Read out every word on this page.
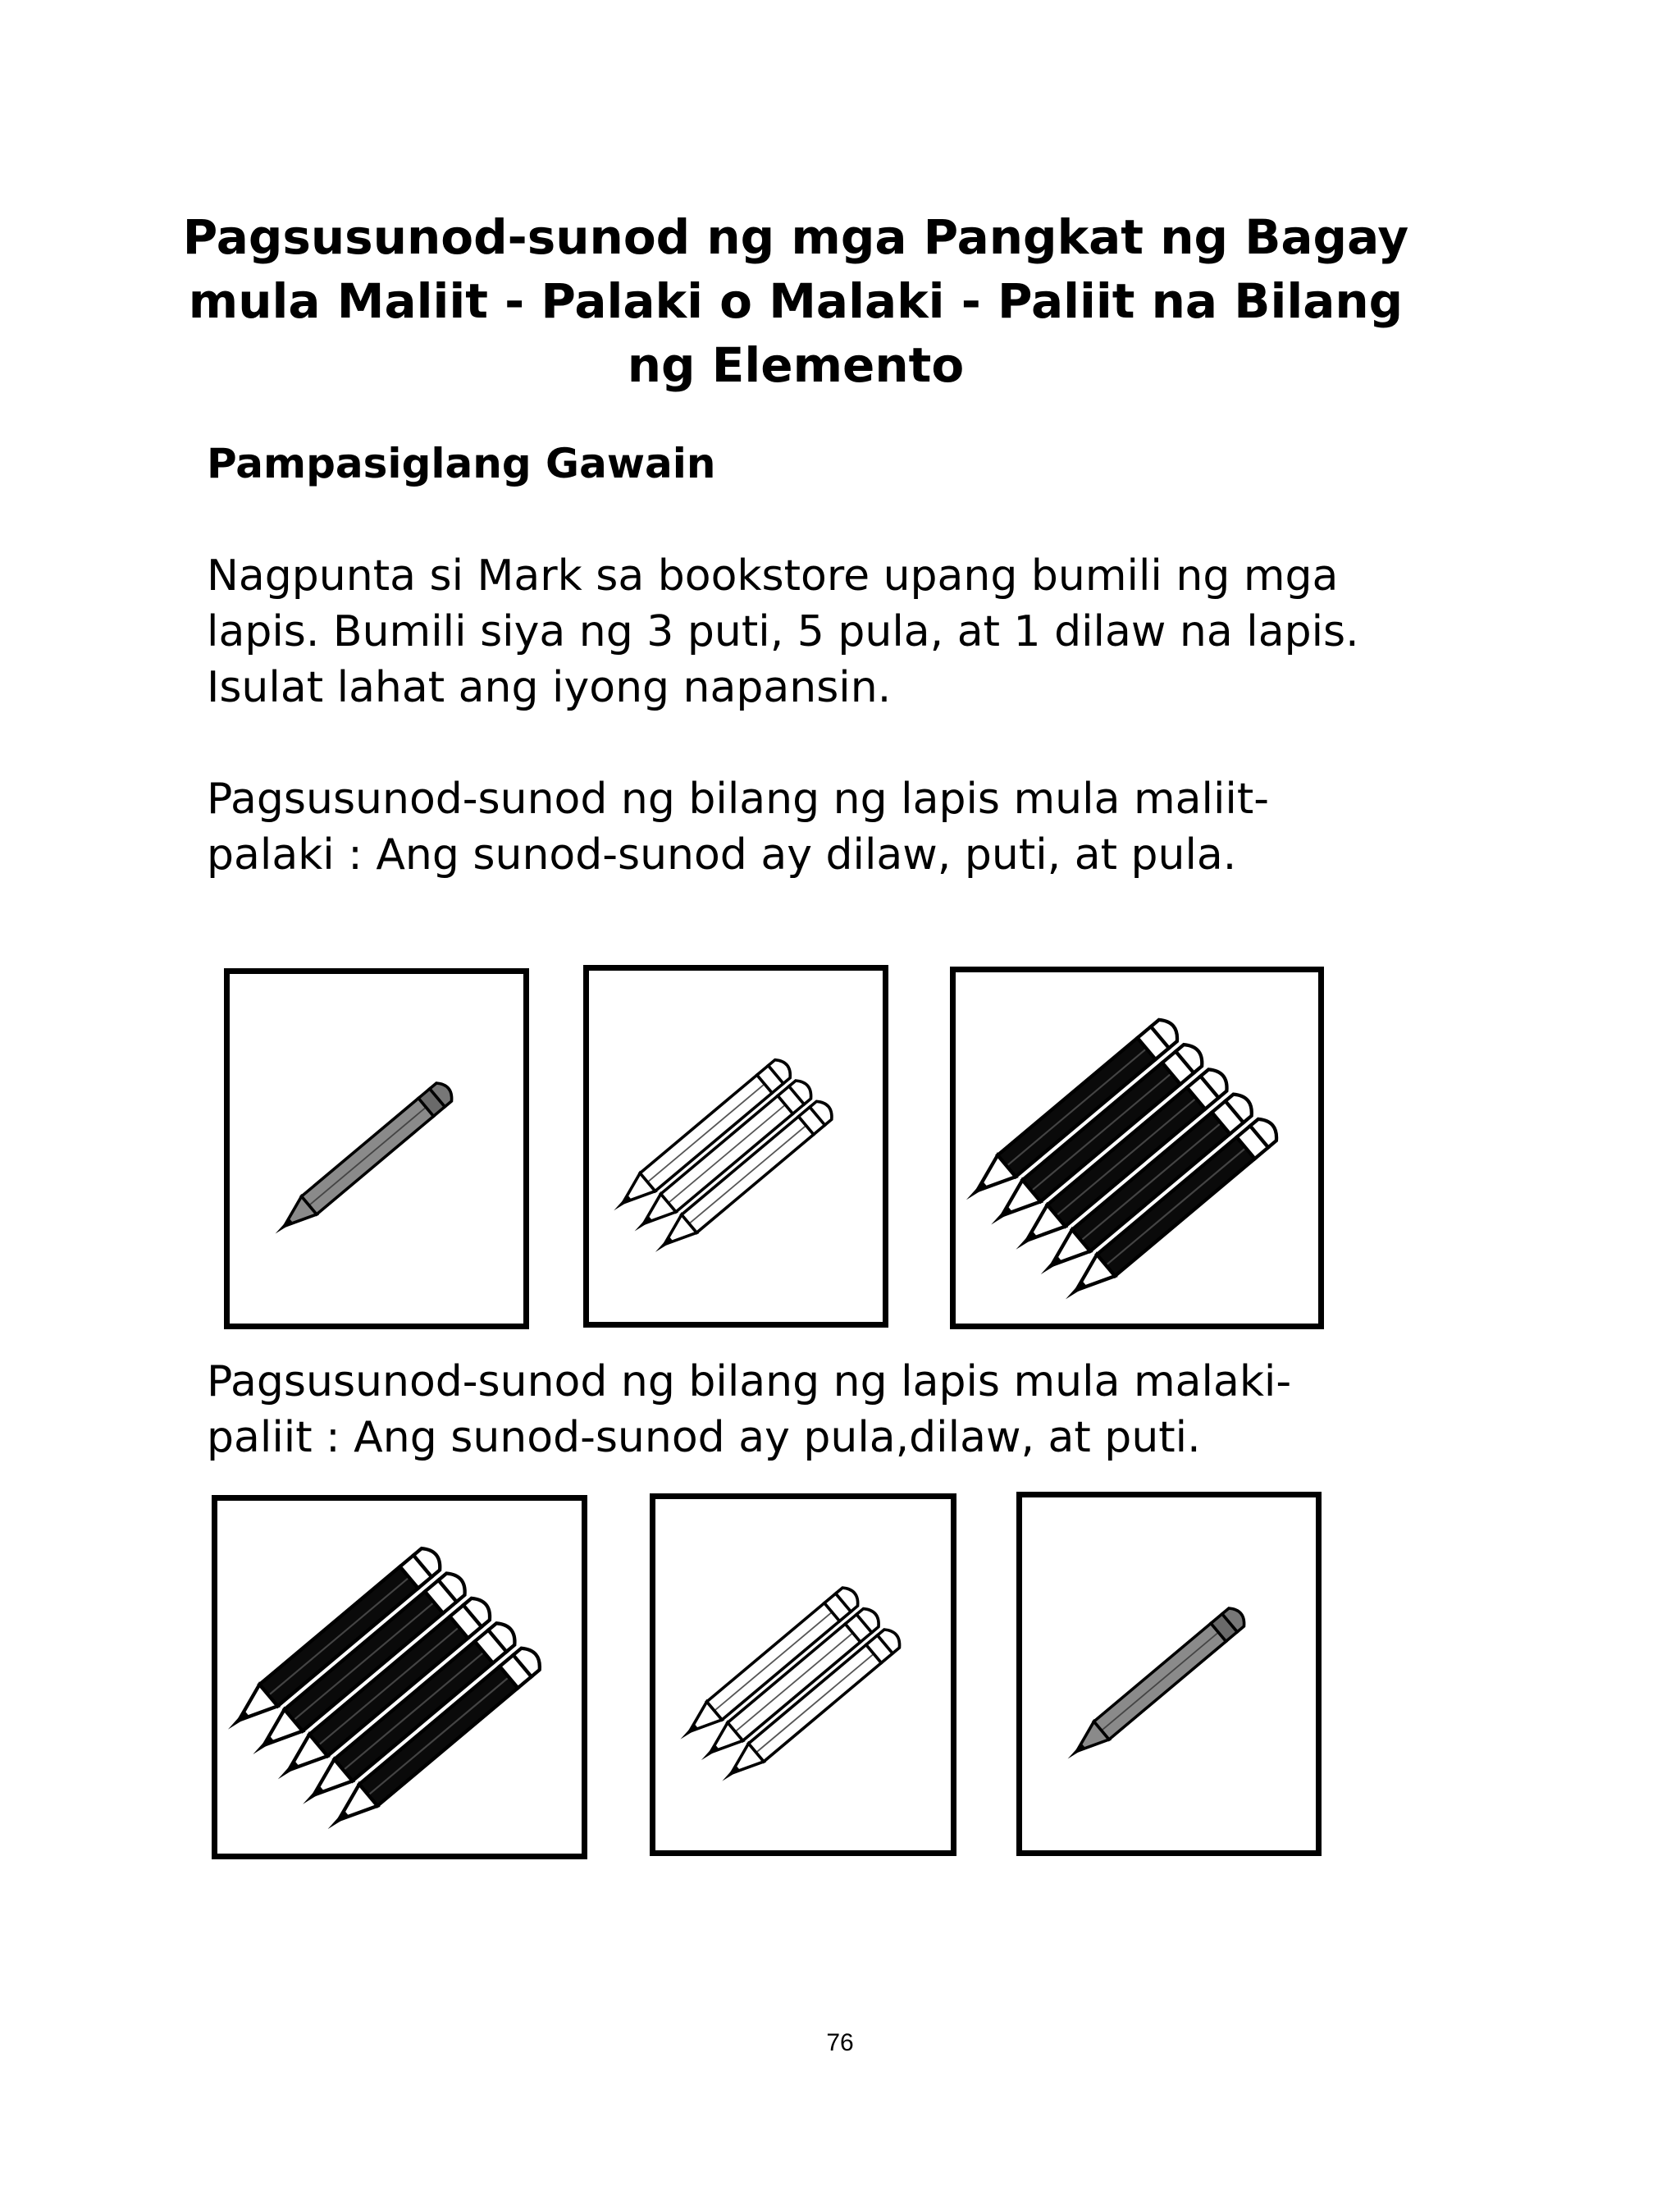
Pagsusunod-sunod ng mga Pangkat ng Bagay
mula Maliit - Palaki o Malaki - Paliit na Bilang
ng Elemento
Pampasiglang Gawain

Nagpunta si Mark sa bookstore upang bumili ng mga
lapis. Bumili siya ng 3 puti, 5 pula, at 1 dilaw na lapis.
Isulat lahat ang iyong napansin.

Pagsusunod-sunod ng bilang ng lapis mula maliit-
palaki : Ang sunod-sunod ay dilaw, puti, at pula.

Pagsusunod-sunod ng bilang ng lapis mula malaki-
paliit : Ang sunod-sunod ay pula,dilaw, at puti.

76
